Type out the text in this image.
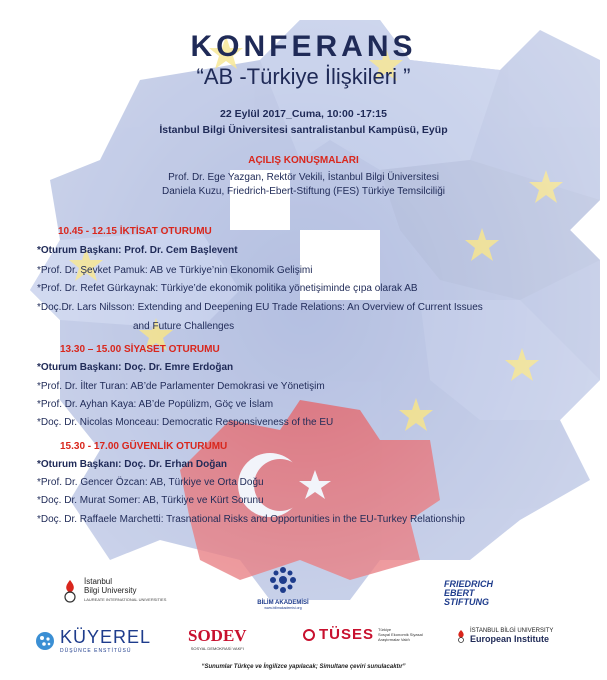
KONFERANS
“AB -Türkiye İlişkileri ”
22 Eylül 2017_Cuma, 10:00 -17:15
İstanbul Bilgi Üniversitesi santralistanbul Kampüsü, Eyüp
AÇILIŞ KONUŞMALARI
Prof. Dr. Ege Yazgan, Rektör Vekili, İstanbul Bilgi Üniversitesi
Daniela Kuzu, Friedrich-Ebert-Stiftung (FES) Türkiye Temsilciliği
10.45 - 12.15 İKTİSAT OTURUMU
*Oturum Başkanı: Prof. Dr. Cem Başlevent
*Prof. Dr. Şevket Pamuk: AB ve Türkiye’nin Ekonomik Gelişimi
*Prof. Dr. Refet Gürkaynak: Türkiye’de ekonomik politika yönetişiminde çıpa olarak AB
*Doç.Dr. Lars Nilsson: Extending and Deepening EU Trade Relations: An Overview of Current Issues
and Future Challenges
13.30 – 15.00 SİYASET OTURUMU
*Oturum Başkanı: Doç. Dr. Emre Erdoğan
*Prof. Dr. İlter Turan: AB’de Parlamenter Demokrasi ve Yönetişim
*Prof. Dr. Ayhan Kaya: AB’de Popülizm, Göç ve İslam
*Doç. Dr. Nicolas Monceau: Democratic Responsiveness of the EU
15.30 - 17.00 GÜVENLİK OTURUMU
*Oturum Başkanı: Doç. Dr. Erhan Doğan
*Prof. Dr. Gencer Özcan: AB, Türkiye ve Orta Doğu
*Doç. Dr. Murat Somer: AB, Türkiye ve Kürt Sorunu
*Doç. Dr. Raffaele Marchetti: Trasnational Risks and Opportunities in the EU-Turkey Relationship
İstanbul
Bilgi University
LAUREATE INTERNATIONAL UNIVERSITIES
BİLİM AKADEMİSİ
www.bilimakademisi.org
FRIEDRICH
EBERT
STIFTUNG
KÜYEREL
DÜŞÜNCE ENSTİTÜSÜ
SODEV
SOSYAL DEMOKRASİ VAKFI
TÜSES Türkiye
Sosyal Ekonomik Siyasal
Araştırmalar Vakfı
İSTANBUL BİLGİ UNIVERSITY
European Institute
“Sunumlar Türkçe ve İngilizce yapılacak; Simultane çeviri sunulacaktır”
